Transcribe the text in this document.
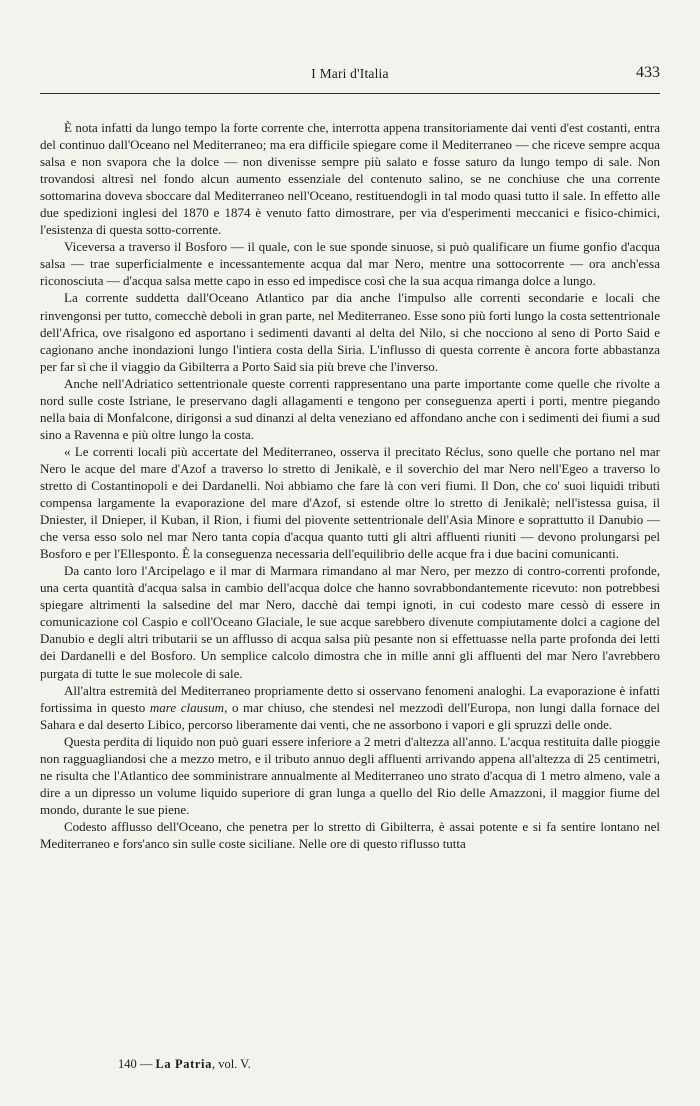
I Mari d'Italia	433

È nota infatti da lungo tempo la forte corrente che, interrotta appena transitoriamente dai venti d'est costanti, entra del continuo dall'Oceano nel Mediterraneo; ma era difficile spiegare come il Mediterraneo — che riceve sempre acqua salsa e non svapora che la dolce — non divenisse sempre più salato e fosse saturo da lungo tempo di sale. Non trovandosi altresì nel fondo alcun aumento essenziale del contenuto salino, se ne conchiuse che una corrente sottomarina doveva sboccare dal Mediterraneo nell'Oceano, restituendogli in tal modo quasi tutto il sale. In effetto alle due spedizioni inglesi del 1870 e 1874 è venuto fatto dimostrare, per via d'esperimenti meccanici e fisico-chimici, l'esistenza di questa sotto-corrente.

Viceversa a traverso il Bosforo — il quale, con le sue sponde sinuose, si può qualificare un fiume gonfio d'acqua salsa — trae superficialmente e incessantemente acqua dal mar Nero, mentre una sottocorrente — ora anch'essa riconosciuta — d'acqua salsa mette capo in esso ed impedisce così che la sua acqua rimanga dolce a lungo.

La corrente suddetta dall'Oceano Atlantico par dia anche l'impulso alle correnti secondarie e locali che rinvengonsi per tutto, comecchè deboli in gran parte, nel Mediterraneo. Esse sono più forti lungo la costa settentrionale dell'Africa, ove risalgono ed asportano i sedimenti davanti al delta del Nilo, si che nocciono al seno di Porto Said e cagionano anche inondazioni lungo l'intiera costa della Siria. L'influsso di questa corrente è ancora forte abbastanza per far sì che il viaggio da Gibilterra a Porto Said sia più breve che l'inverso.

Anche nell'Adriatico settentrionale queste correnti rappresentano una parte importante come quelle che rivolte a nord sulle coste Istriane, le preservano dagli allagamenti e tengono per conseguenza aperti i porti, mentre piegando nella baia di Monfalcone, dirigonsi a sud dinanzi al delta veneziano ed affondano anche con i sedimenti dei fiumi a sud sino a Ravenna e più oltre lungo la costa.

« Le correnti locali più accertate del Mediterraneo, osserva il precitato Réclus, sono quelle che portano nel mar Nero le acque del mare d'Azof a traverso lo stretto di Jenikalè, e il soverchio del mar Nero nell'Egeo a traverso lo stretto di Costantinopoli e dei Dardanelli. Noi abbiamo che fare là con veri fiumi. Il Don, che co' suoi liquidi tributi compensa largamente la evaporazione del mare d'Azof, si estende oltre lo stretto di Jenikalè; nell'istessa guisa, il Dniester, il Dnieper, il Kuban, il Rion, i fiumi del piovente settentrionale dell'Asia Minore e soprattutto il Danubio — che versa esso solo nel mar Nero tanta copia d'acqua quanto tutti gli altri affluenti riuniti — devono prolungarsi pel Bosforo e per l'Ellesponto. È la conseguenza necessaria dell'equilibrio delle acque fra i due bacini comunicanti.

Da canto loro l'Arcipelago e il mar di Marmara rimandano al mar Nero, per mezzo di contro-correnti profonde, una certa quantità d'acqua salsa in cambio dell'acqua dolce che hanno sovrabbondantemente ricevuto: non potrebbesi spiegare altrimenti la salsedine del mar Nero, dacchè dai tempi ignoti, in cui codesto mare cessò di essere in comunicazione col Caspio e coll'Oceano Glaciale, le sue acque sarebbero divenute compiutamente dolci a cagione del Danubio e degli altri tributarii se un afflusso di acqua salsa più pesante non si effettuasse nella parte profonda dei letti dei Dardanelli e del Bosforo. Un semplice calcolo dimostra che in mille anni gli affluenti del mar Nero l'avrebbero purgata di tutte le sue molecole di sale.

All'altra estremità del Mediterraneo propriamente detto si osservano fenomeni analoghi. La evaporazione è infatti fortissima in questo mare clausum, o mar chiuso, che stendesi nel mezzodì dell'Europa, non lungi dalla fornace del Sahara e dal deserto Libico, percorso liberamente dai venti, che ne assorbono i vapori e gli spruzzi delle onde.

Questa perdita di liquido non può guari essere inferiore a 2 metri d'altezza all'anno. L'acqua restituita dalle pioggie non ragguagliandosi che a mezzo metro, e il tributo annuo degli affluenti arrivando appena all'altezza di 25 centimetri, ne risulta che l'Atlantico dee somministrare annualmente al Mediterraneo uno strato d'acqua di 1 metro almeno, vale a dire a un dipresso un volume liquido superiore di gran lunga a quello del Rio delle Amazzoni, il maggior fiume del mondo, durante le sue piene.

Codesto afflusso dell'Oceano, che penetra per lo stretto di Gibilterra, è assai potente e si fa sentire lontano nel Mediterraneo e fors'anco sin sulle coste siciliane. Nelle ore di questo riflusso tutta

140 — La Patria, vol. V.
